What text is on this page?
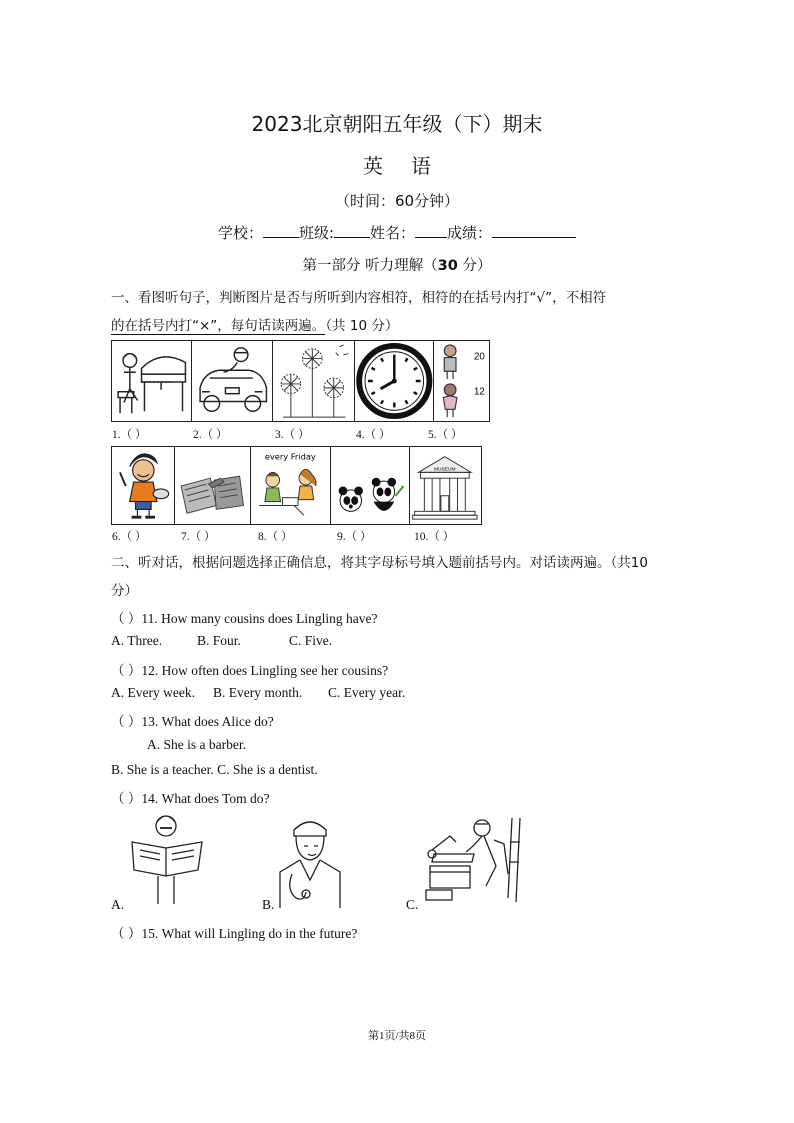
2023北京朝阳五年级（下）期末
英语
（时间：60分钟）
学校： 班级: 姓名： 成绩：
第一部分 听力理解（30 分）
一、看图听句子，判断图片是否与所听到内容相符，相符的在括号内打“√”，不相符
的在括号内打“×”，每句话读两遍。（共 10 分）
20
12
1.（ ）	2.（ ）	3.（ ）	4.（ ）	5.（ ）
every Friday
MUSEUM
6.（ ）	7.（ ）	8.（ ）	9.（ ）	10.（ ）
二、听对话，根据问题选择正确信息，将其字母标号填入题前括号内。对话读两遍。（共10
分）
（ ）11. How many cousins does Lingling have?
A. Three.	B. Four.	C. Five.
（ ）12. How often does Lingling see her cousins?
A. Every week. B. Every month. C. Every year.
（ ）13. What does Alice do?
A. She is a barber.
B. She is a teacher. C. She is a dentist.
（ ）14. What does Tom do?
A.	B.	C.
（ ）15. What will Lingling do in the future?
第1页/共8页
